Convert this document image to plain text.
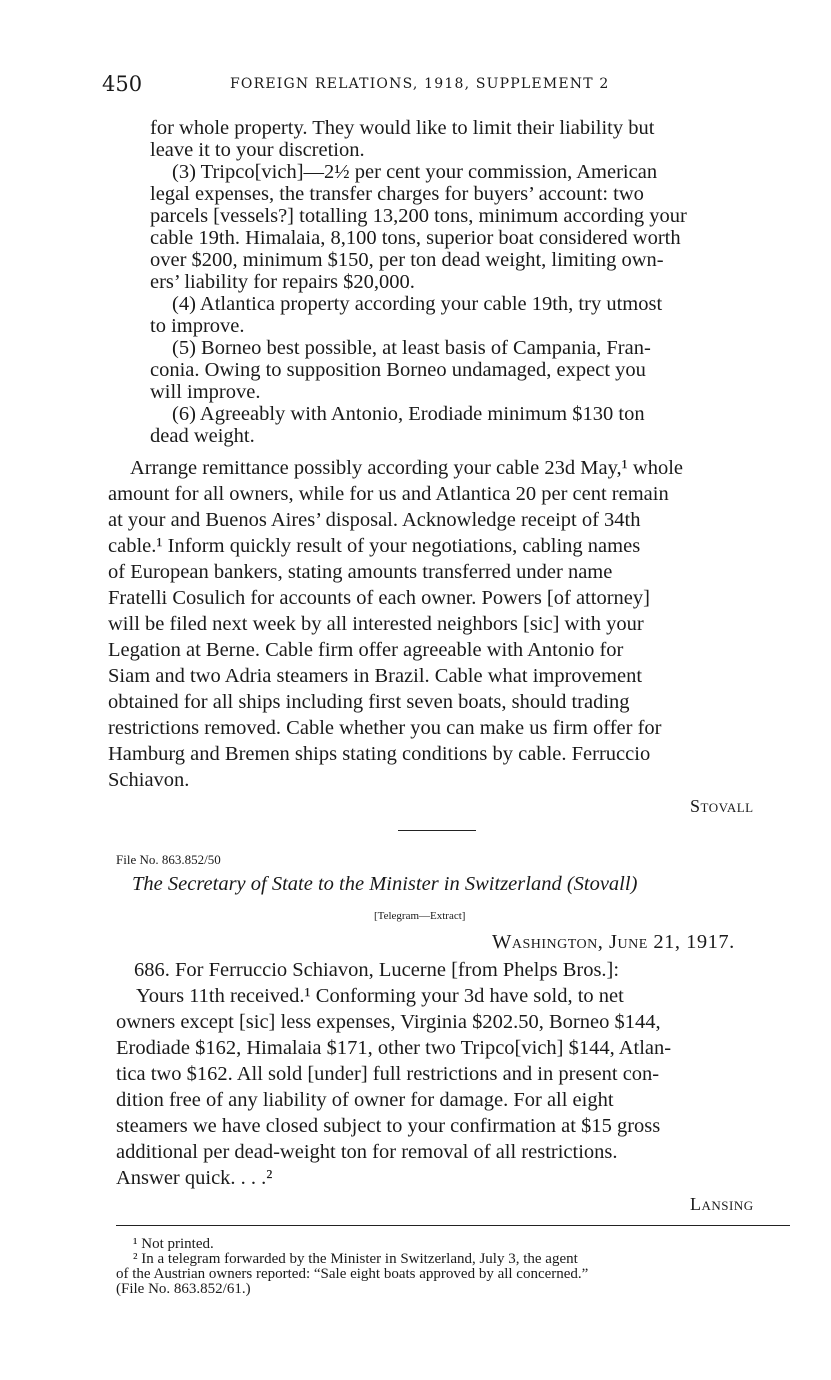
450	FOREIGN RELATIONS, 1918, SUPPLEMENT 2
for whole property. They would like to limit their liability but
leave it to your discretion.
(3) Tripco[vich]—2½ per cent your commission, American
legal expenses, the transfer charges for buyers’ account: two
parcels [vessels?] totalling 13,200 tons, minimum according your
cable 19th. Himalaia, 8,100 tons, superior boat considered worth
over $200, minimum $150, per ton dead weight, limiting own-
ers’ liability for repairs $20,000.
(4) Atlantica property according your cable 19th, try utmost
to improve.
(5) Borneo best possible, at least basis of Campania, Fran-
conia. Owing to supposition Borneo undamaged, expect you
will improve.
(6) Agreeably with Antonio, Erodiade minimum $130 ton
dead weight.
Arrange remittance possibly according your cable 23d May,¹ whole
amount for all owners, while for us and Atlantica 20 per cent remain
at your and Buenos Aires’ disposal. Acknowledge receipt of 34th
cable.¹ Inform quickly result of your negotiations, cabling names
of European bankers, stating amounts transferred under name
Fratelli Cosulich for accounts of each owner. Powers [of attorney]
will be filed next week by all interested neighbors [sic] with your
Legation at Berne. Cable firm offer agreeable with Antonio for
Siam and two Adria steamers in Brazil. Cable what improvement
obtained for all ships including first seven boats, should trading
restrictions removed. Cable whether you can make us firm offer for
Hamburg and Bremen ships stating conditions by cable. Ferruccio
Schiavon.
Stovall
File No. 863.852/50
The Secretary of State to the Minister in Switzerland (Stovall)
[Telegram—Extract]
Washington, June 21, 1917.
686. For Ferruccio Schiavon, Lucerne [from Phelps Bros.]:
Yours 11th received.¹ Conforming your 3d have sold, to net
owners except [sic] less expenses, Virginia $202.50, Borneo $144,
Erodiade $162, Himalaia $171, other two Tripco[vich] $144, Atlan-
tica two $162. All sold [under] full restrictions and in present con-
dition free of any liability of owner for damage. For all eight
steamers we have closed subject to your confirmation at $15 gross
additional per dead-weight ton for removal of all restrictions.
Answer quick. . . .²
Lansing
¹ Not printed.
² In a telegram forwarded by the Minister in Switzerland, July 3, the agent
of the Austrian owners reported: “Sale eight boats approved by all concerned.”
(File No. 863.852/61.)
